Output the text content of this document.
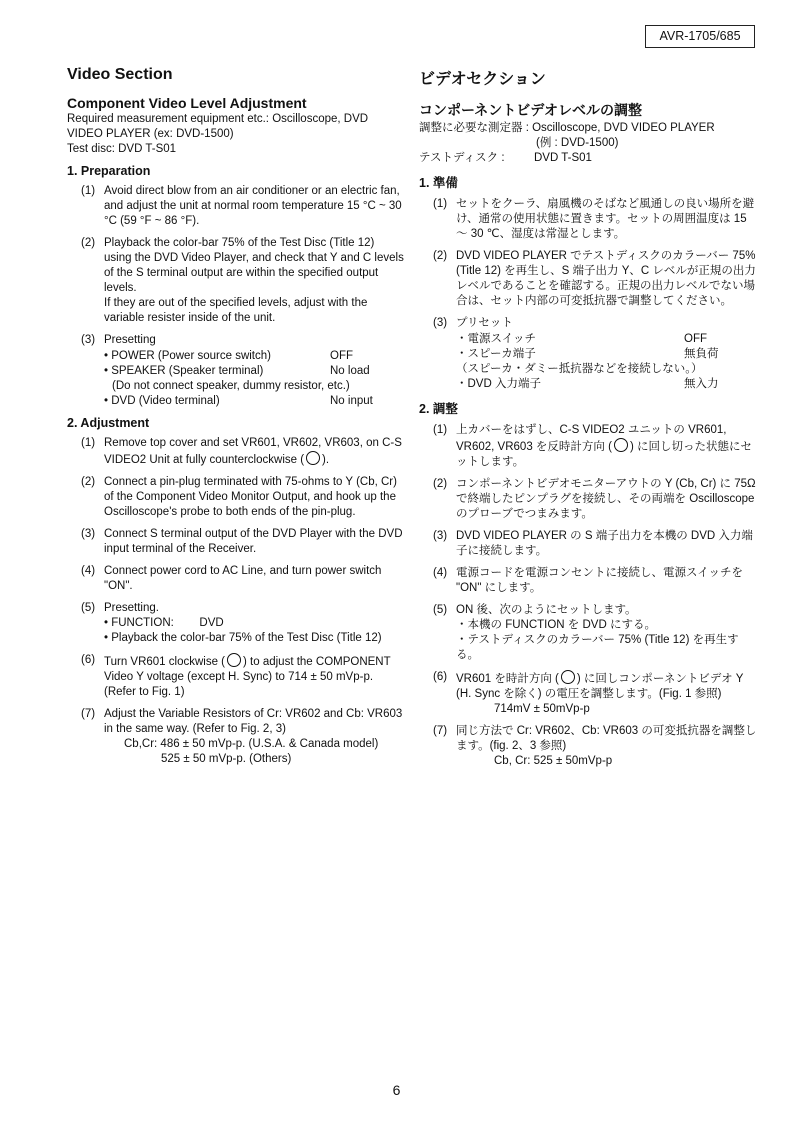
AVR-1705/685
Video Section
Component Video Level Adjustment
Required measurement equipment etc.: Oscilloscope, DVD
VIDEO PLAYER (ex: DVD-1500)
Test disc: DVD T-S01
1. Preparation
(1) Avoid direct blow from an air conditioner or an electric fan, and adjust the unit at normal room temperature 15 °C ~ 30 °C (59 °F ~ 86 °F).
(2) Playback the color-bar 75% of the Test Disc (Title 12) using the DVD Video Player, and check that Y and C levels of the S terminal output are within the specified output levels.
If they are out of the specified levels, adjust with the variable resister inside of the unit.
(3) Presetting
• POWER (Power source switch)	OFF
• SPEAKER (Speaker terminal)	No load
(Do not connect speaker, dummy resistor, etc.)
• DVD (Video terminal)	No input
2. Adjustment
(1) Remove top cover and set VR601, VR602, VR603, on C-S VIDEO2 Unit at fully counterclockwise ( ).
(2) Connect a pin-plug terminated with 75-ohms to Y (Cb, Cr) of the Component Video Monitor Output, and hook up the Oscilloscope's probe to both ends of the pin-plug.
(3) Connect S terminal output of the DVD Player with the DVD input terminal of the Receiver.
(4) Connect power cord to AC Line, and turn power switch "ON".
(5) Presetting.
• FUNCTION:        DVD
• Playback the color-bar 75% of the Test Disc (Title 12)
(6) Turn VR601 clockwise ( ) to adjust the COMPONENT Video Y voltage (except H. Sync) to 714 ± 50 mVp-p. (Refer to Fig. 1)
(7) Adjust the Variable Resistors of Cr: VR602 and Cb: VR603 in the same way. (Refer to Fig. 2, 3)
Cb,Cr: 486 ± 50 mVp-p. (U.S.A. & Canada model)
525 ± 50 mVp-p. (Others)
ビデオセクション
コンポーネントビデオレベルの調整
調整に必要な測定器 : Oscilloscope, DVD VIDEO PLAYER
(例 : DVD-1500)
テストディスク :	DVD T-S01
1. 準備
(1) セットをクーラ、扇風機のそばなど風通しの良い場所を避け、通常の使用状態に置きます。セットの周囲温度は 15 ～ 30 ℃、湿度は常湿とします。
(2) DVD VIDEO PLAYER でテストディスクのカラーバー 75% (Title 12) を再生し、S 端子出力 Y、C レベルが正規の出力レベルであることを確認する。正規の出力レベルでない場合は、セット内部の可変抵抗器で調整してください。
(3) プリセット
・電源スイッチ	OFF
・スピーカ端子	無負荷
（スピーカ・ダミー抵抗器などを接続しない。）
・DVD 入力端子	無入力
2. 調整
(1) 上カバーをはずし、C-S VIDEO2 ユニットの VR601, VR602, VR603 を反時計方向 ( ) に回し切った状態にセットします。
(2) コンポーネントビデオモニターアウトの Y (Cb, Cr) に 75Ω で終端したピンプラグを接続し、その両端を Oscilloscope のプローブでつまみます。
(3) DVD VIDEO PLAYER の S 端子出力を本機の DVD 入力端子に接続します。
(4) 電源コードを電源コンセントに接続し、電源スイッチを "ON" にします。
(5) ON 後、次のようにセットします。
・本機の FUNCTION を DVD にする。
・テストディスクのカラーバー 75% (Title 12) を再生する。
(6) VR601 を時計方向 ( ) に回しコンポーネントビデオ Y (H. Sync を除く) の電圧を調整します。(Fig. 1 参照)
714mV ± 50mVp-p
(7) 同じ方法で Cr: VR602、Cb: VR603 の可変抵抗器を調整します。(fig. 2、3 参照)
Cb, Cr: 525 ± 50mVp-p
6
